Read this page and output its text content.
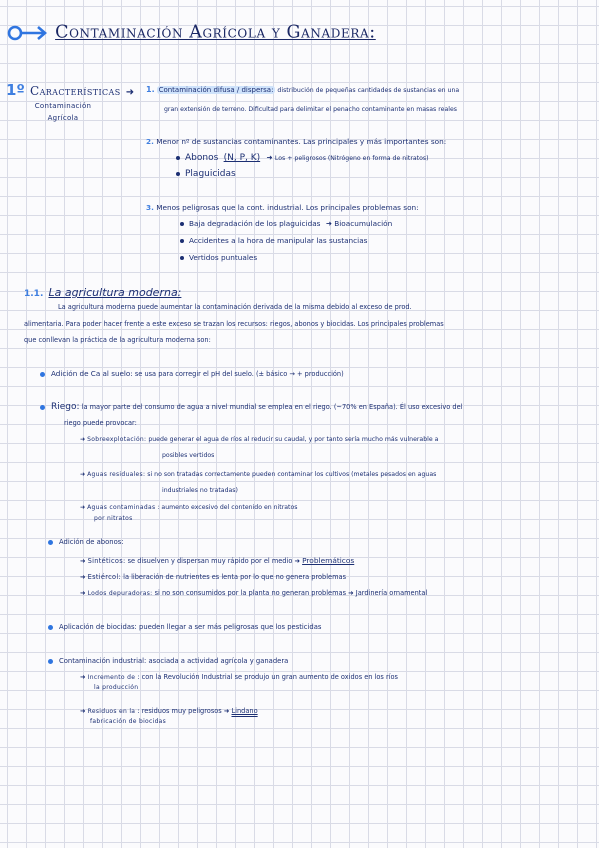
Contaminación Agrícola y Ganadera:
1º Características ➜
Contaminación
Agrícola
1. Contaminación difusa / dispersa: distribución de pequeñas cantidades de sustancias en una
gran extensión de terreno. Dificultad para delimitar el penacho contaminante en masas reales
2. Menor nº de sustancias contaminantes. Las principales y más importantes son:
Abonos (N, P, K) ➜ Los + peligrosos (Nitrógeno en forma de nitratos)
Plaguicidas
3. Menos peligrosas que la cont. industrial. Los principales problemas son:
Baja degradación de los plaguicidas ➜ Bioacumulación
Accidentes a la hora de manipular las sustancias
Vertidos puntuales
1.1. La agricultura moderna:
La agricultura moderna puede aumentar la contaminación derivada de la misma debido al exceso de prod.
alimentaria. Para poder hacer frente a este exceso se trazan los recursos: riegos, abonos y biocidas. Los principales problemas
que conllevan la práctica de la agricultura moderna son:
Adición de Ca al suelo: se usa para corregir el pH del suelo. (± básico → + producción)
Riego: la mayor parte del consumo de agua a nivel mundial se emplea en el riego. (~70% en España). Él uso excesivo del
riego puede provocar:
➜ Sobreexplotación: puede generar el agua de ríos al reducir su caudal, y por tanto sería mucho más vulnerable a
posibles vertidos
➜ Aguas residuales: si no son tratadas correctamente pueden contaminar los cultivos (metales pesados en aguas
industriales no tratadas)
➜ Aguas contaminadas : aumento excesivo del contenido en nitratos
por nitratos
Adición de abonos:
➜ Sintéticos: se disuelven y dispersan muy rápido por el medio ➜ Problemáticos
➜ Estiércol: la liberación de nutrientes es lenta por lo que no genera problemas
➜ Lodos depuradoras: si no son consumidos por la planta no generan problemas ➜ Jardinería ornamental
Aplicación de biocidas: pueden llegar a ser más peligrosas que los pesticidas
Contaminación industrial: asociada a actividad agrícola y ganadera
➜ Incremento de : con la Revolución Industrial se produjo un gran aumento de oxidos en los ríos
la producción
➜ Residuos en la : residuos muy peligrosos ➜ Lindano
fabricación de biocidas
